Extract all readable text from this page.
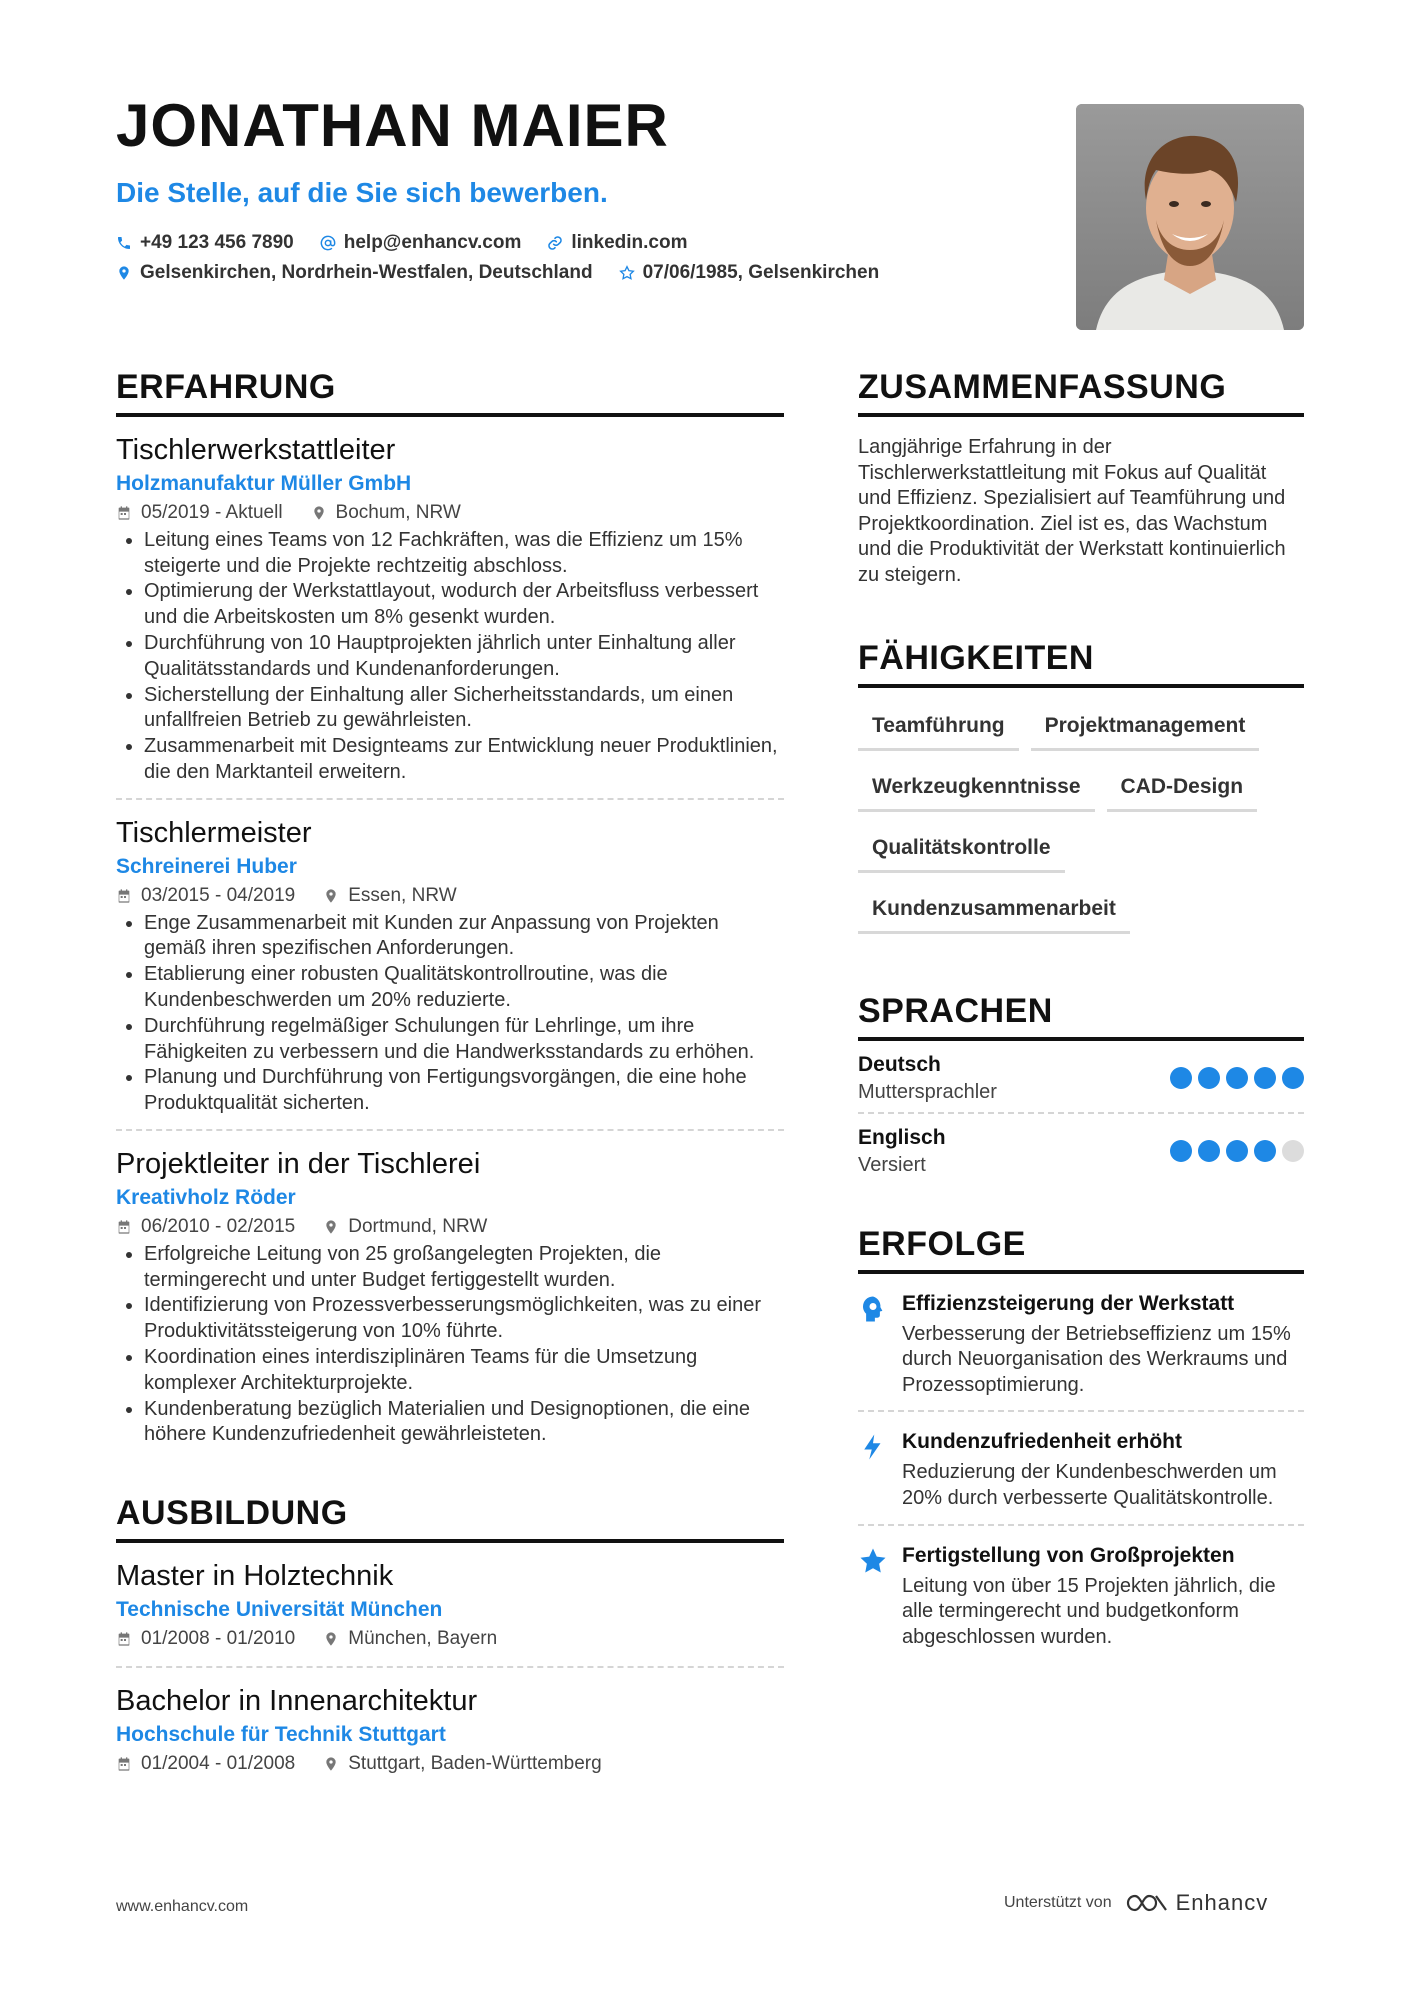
JONATHAN MAIER
Die Stelle, auf die Sie sich bewerben.
+49 123 456 7890	help@enhancv.com	linkedin.com
Gelsenkirchen, Nordrhein-Westfalen, Deutschland	07/06/1985, Gelsenkirchen
ERFAHRUNG
Tischlerwerkstattleiter
Holzmanufaktur Müller GmbH
05/2019 - Aktuell	Bochum, NRW
• Leitung eines Teams von 12 Fachkräften, was die Effizienz um 15% steigerte und die Projekte rechtzeitig abschloss.
• Optimierung der Werkstattlayout, wodurch der Arbeitsfluss verbessert und die Arbeitskosten um 8% gesenkt wurden.
• Durchführung von 10 Hauptprojekten jährlich unter Einhaltung aller Qualitätsstandards und Kundenanforderungen.
• Sicherstellung der Einhaltung aller Sicherheitsstandards, um einen unfallfreien Betrieb zu gewährleisten.
• Zusammenarbeit mit Designteams zur Entwicklung neuer Produktlinien, die den Marktanteil erweitern.
Tischlermeister
Schreinerei Huber
03/2015 - 04/2019	Essen, NRW
• Enge Zusammenarbeit mit Kunden zur Anpassung von Projekten gemäß ihren spezifischen Anforderungen.
• Etablierung einer robusten Qualitätskontrollroutine, was die Kundenbeschwerden um 20% reduzierte.
• Durchführung regelmäßiger Schulungen für Lehrlinge, um ihre Fähigkeiten zu verbessern und die Handwerksstandards zu erhöhen.
• Planung und Durchführung von Fertigungsvorgängen, die eine hohe Produktqualität sicherten.
Projektleiter in der Tischlerei
Kreativholz Röder
06/2010 - 02/2015	Dortmund, NRW
• Erfolgreiche Leitung von 25 großangelegten Projekten, die termingerecht und unter Budget fertiggestellt wurden.
• Identifizierung von Prozessverbesserungsmöglichkeiten, was zu einer Produktivitätssteigerung von 10% führte.
• Koordination eines interdisziplinären Teams für die Umsetzung komplexer Architekturprojekte.
• Kundenberatung bezüglich Materialien und Designoptionen, die eine höhere Kundenzufriedenheit gewährleisteten.
AUSBILDUNG
Master in Holztechnik
Technische Universität München
01/2008 - 01/2010	München, Bayern
Bachelor in Innenarchitektur
Hochschule für Technik Stuttgart
01/2004 - 01/2008	Stuttgart, Baden-Württemberg
ZUSAMMENFASSUNG

Langjährige Erfahrung in der Tischlerwerkstattleitung mit Fokus auf Qualität und Effizienz. Spezialisiert auf Teamführung und Projektkoordination. Ziel ist es, das Wachstum und die Produktivität der Werkstatt kontinuierlich zu steigern.

FÄHIGKEITEN
Teamführung	Projektmanagement
Werkzeugkenntnisse	CAD-Design
Qualitätskontrolle
Kundenzusammenarbeit
SPRACHEN
Deutsch
Muttersprachler
Englisch
Versiert
ERFOLGE
Effizienzsteigerung der Werkstatt
Verbesserung der Betriebseffizienz um 15% durch Neuorganisation des Werkraums und Prozessoptimierung.
Kundenzufriedenheit erhöht
Reduzierung der Kundenbeschwerden um 20% durch verbesserte Qualitätskontrolle.
Fertigstellung von Großprojekten
Leitung von über 15 Projekten jährlich, die alle termingerecht und budgetkonform abgeschlossen wurden.
www.enhancv.com	Unterstützt von	Enhancv
